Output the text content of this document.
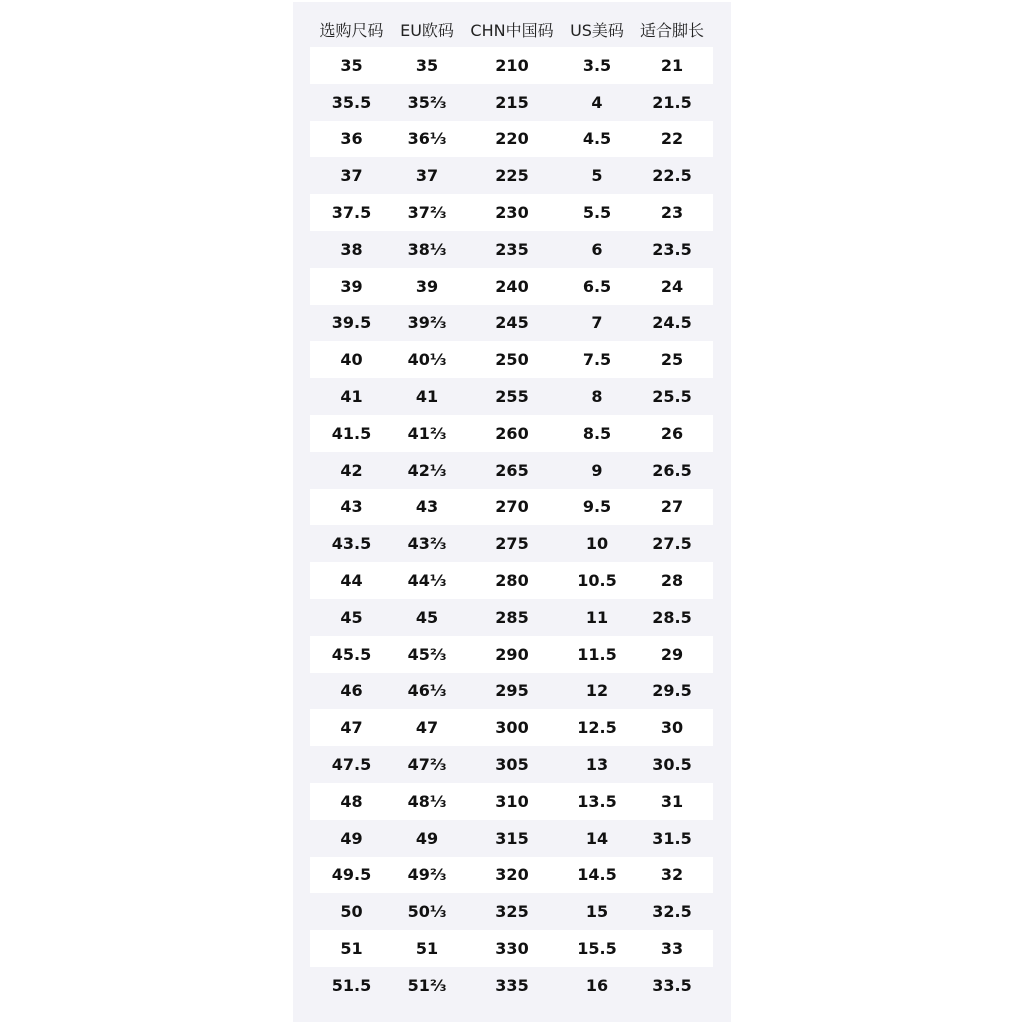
选购尺码	EU欧码	CHN中国码	US美码	适合脚长
35	35	210	3.5	21
35.5	35⅔	215	4	21.5
36	36⅓	220	4.5	22
37	37	225	5	22.5
37.5	37⅔	230	5.5	23
38	38⅓	235	6	23.5
39	39	240	6.5	24
39.5	39⅔	245	7	24.5
40	40⅓	250	7.5	25
41	41	255	8	25.5
41.5	41⅔	260	8.5	26
42	42⅓	265	9	26.5
43	43	270	9.5	27
43.5	43⅔	275	10	27.5
44	44⅓	280	10.5	28
45	45	285	11	28.5
45.5	45⅔	290	11.5	29
46	46⅓	295	12	29.5
47	47	300	12.5	30
47.5	47⅔	305	13	30.5
48	48⅓	310	13.5	31
49	49	315	14	31.5
49.5	49⅔	320	14.5	32
50	50⅓	325	15	32.5
51	51	330	15.5	33
51.5	51⅔	335	16	33.5
